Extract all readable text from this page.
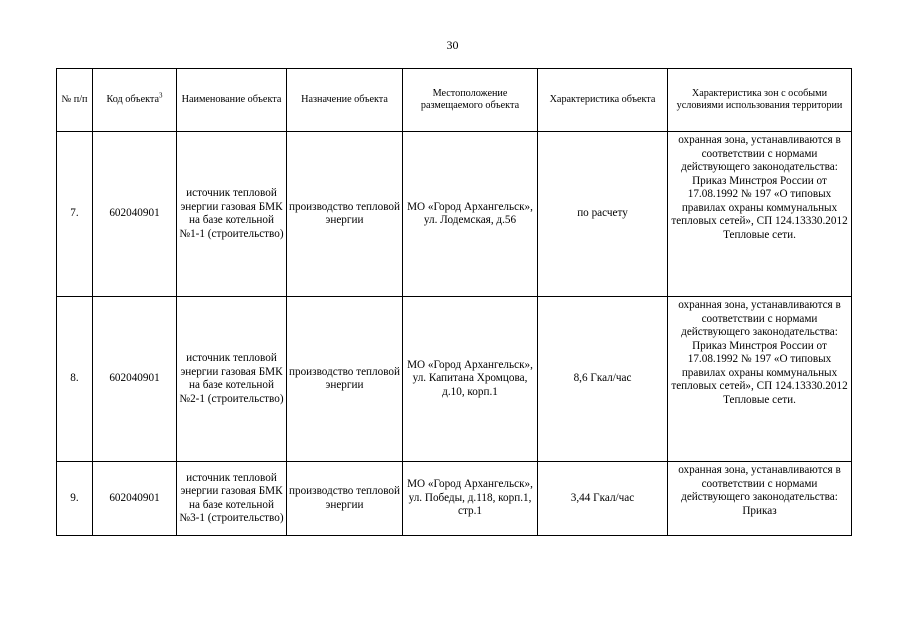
30
№ п/п	Код объекта$^3$	Наименование объекта	Назначение объекта	Местоположение размещаемого объекта	Характеристика объекта	Характеристика зон с особыми условиями использования территории
7.	602040901	источник тепловой энергии газовая БМК на базе котельной №1-1 (строительство)	производство тепловой энергии	МО «Город Архангельск», ул. Лодемская, д.56	по расчету	охранная зона, устанавливаются в соответствии с нормами действующего законодательства: Приказ Минстроя России от 17.08.1992 № 197 «О типовых правилах охраны коммунальных тепловых сетей», СП 124.13330.2012 Тепловые сети.
8.	602040901	источник тепловой энергии газовая БМК на базе котельной №2-1 (строительство)	производство тепловой энергии	МО «Город Архангельск», ул. Капитана Хромцова, д.10, корп.1	8,6 Гкал/час	охранная зона, устанавливаются в соответствии с нормами действующего законодательства: Приказ Минстроя России от 17.08.1992 № 197 «О типовых правилах охраны коммунальных тепловых сетей», СП 124.13330.2012 Тепловые сети.
9.	602040901	источник тепловой энергии газовая БМК на базе котельной №3-1 (строительство)	производство тепловой энергии	МО «Город Архангельск», ул. Победы, д.118, корп.1, стр.1	3,44 Гкал/час	охранная зона, устанавливаются в соответствии с нормами действующего законодательства: Приказ
